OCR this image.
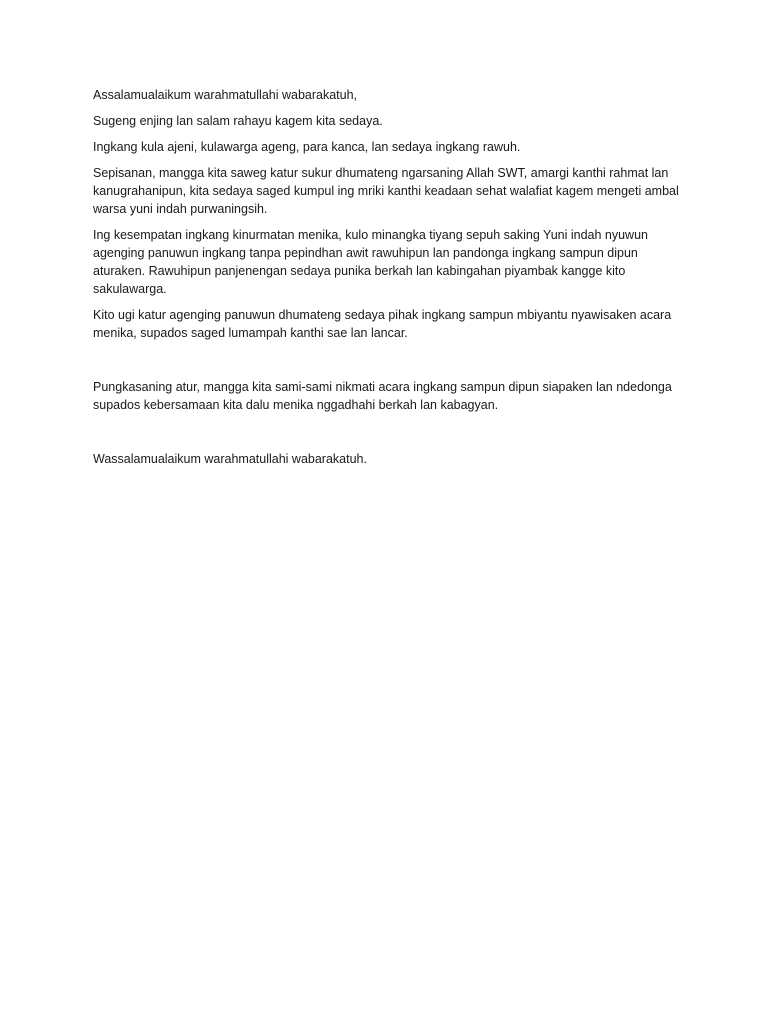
Assalamualaikum warahmatullahi wabarakatuh,

Sugeng enjing lan salam rahayu kagem kita sedaya.

Ingkang kula ajeni, kulawarga ageng, para kanca, lan sedaya ingkang rawuh.

Sepisanan, mangga kita saweg katur sukur dhumateng ngarsaning Allah SWT, amargi kanthi rahmat lan kanugrahanipun, kita sedaya saged kumpul ing mriki kanthi keadaan sehat walafiat kagem mengeti ambal warsa yuni indah purwaningsih.

Ing kesempatan ingkang kinurmatan menika, kulo minangka tiyang sepuh saking Yuni indah nyuwun agenging panuwun ingkang tanpa pepindhan awit rawuhipun lan pandonga ingkang sampun dipun aturaken. Rawuhipun panjenengan sedaya punika berkah lan kabingahan piyambak kangge kito sakulawarga.

Kito ugi katur agenging panuwun dhumateng sedaya pihak ingkang sampun mbiyantu nyawisaken acara menika, supados saged lumampah kanthi sae lan lancar.

Pungkasaning atur, mangga kita sami-sami nikmati acara ingkang sampun dipun siapaken lan ndedonga supados kebersamaan kita dalu menika nggadhahi berkah lan kabagyan.

Wassalamualaikum warahmatullahi wabarakatuh.
